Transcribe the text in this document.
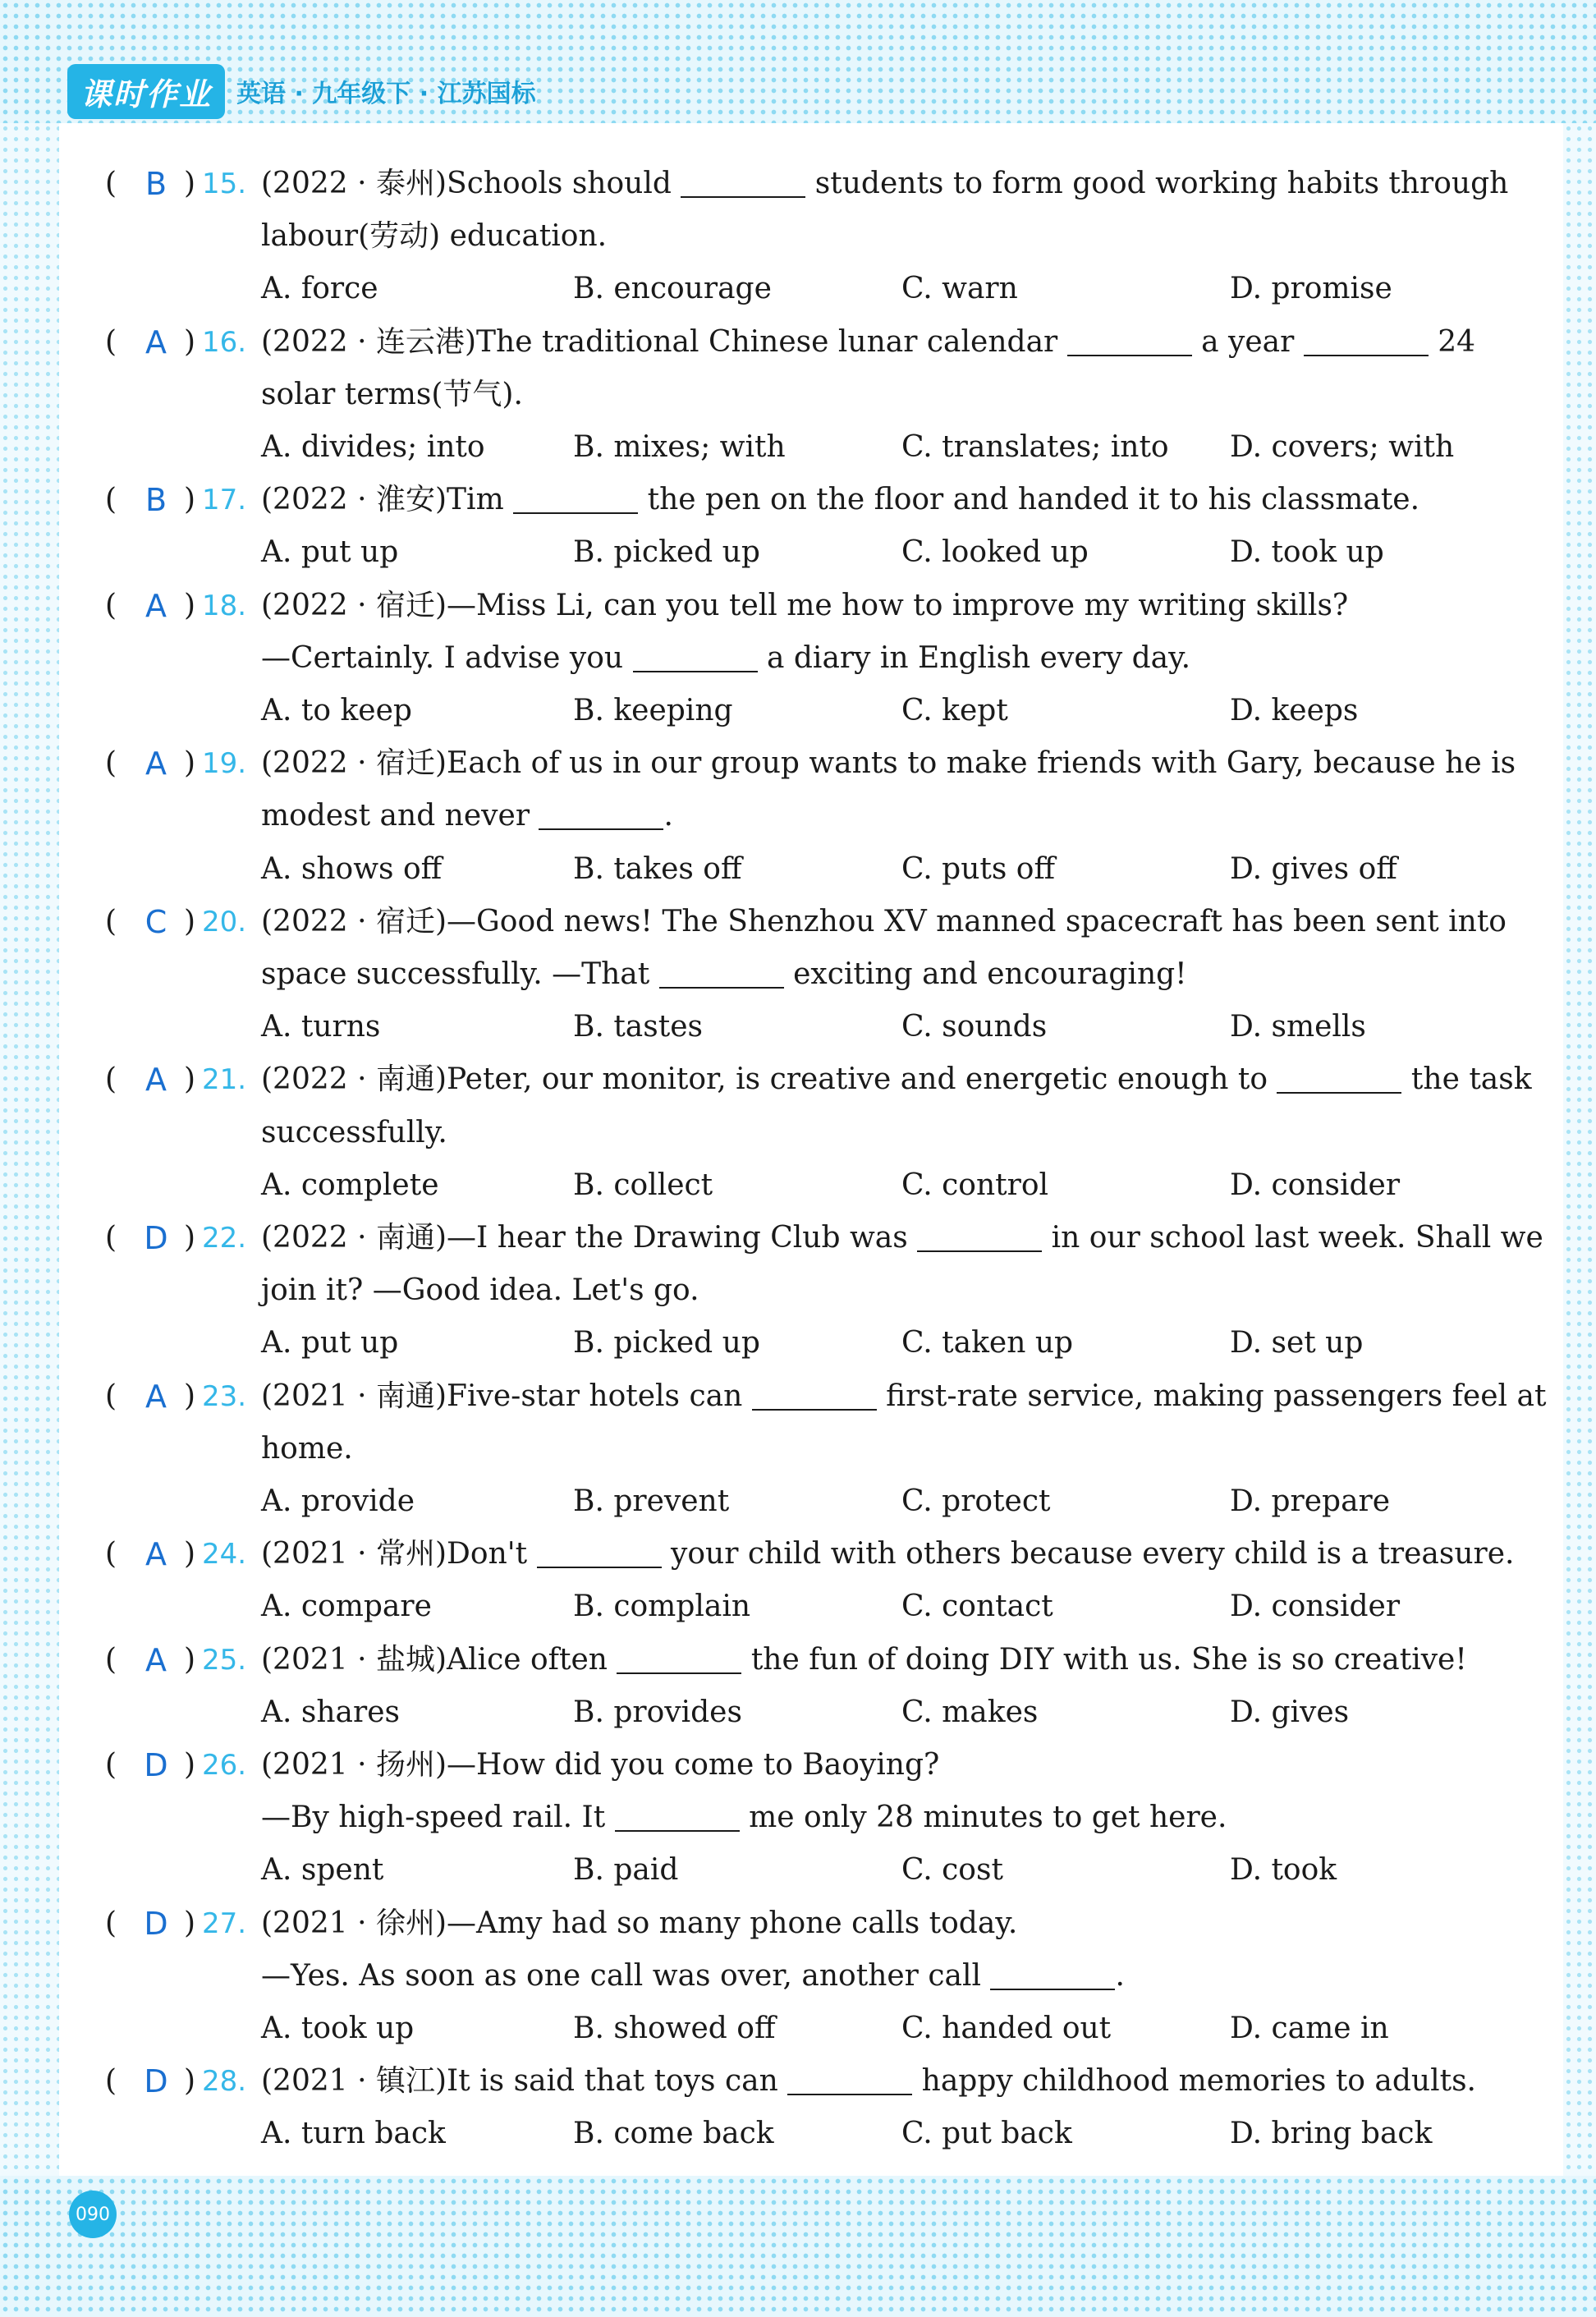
课时作业	英语 · 九年级下 · 江苏国标
( B ) 15. (2022 · 泰州)Schools should	students to form good working habits through
labour(劳动) education.
A. force	B. encourage	C. warn	D. promise
( A ) 16. (2022 · 连云港)The traditional Chinese lunar calendar	a year	24
solar terms(节气).
A. divides; into	B. mixes; with	C. translates; into D. covers; with
( B ) 17. (2022 · 淮安)Tim	the pen on the floor and handed it to his classmate.
A. put up	B. picked up	C. looked up	D. took up
( A ) 18. (2022 · 宿迁)—Miss Li, can you tell me how to improve my writing skills?
—Certainly. I advise you	a diary in English every day.
A. to keep	B. keeping	C. kept	D. keeps
( A ) 19. (2022 · 宿迁)Each of us in our group wants to make friends with Gary, because he is
modest and never	.
A. shows off	B. takes off	C. puts off	D. gives off
( C ) 20. (2022 · 宿迁)—Good news! The Shenzhou XV manned spacecraft has been sent into
space successfully. —That	exciting and encouraging!
A. turns	B. tastes	C. sounds	D. smells
( A ) 21. (2022 · 南通)Peter, our monitor, is creative and energetic enough to	the task
successfully.
A. complete	B. collect	C. control	D. consider
( D ) 22. (2022 · 南通)—I hear the Drawing Club was	in our school last week. Shall we
join it? —Good idea. Let's go.
A. put up	B. picked up	C. taken up	D. set up
( A ) 23. (2021 · 南通)Five-star hotels can	first-rate service, making passengers feel at
home.
A. provide	B. prevent	C. protect	D. prepare
( A ) 24. (2021 · 常州)Don't	your child with others because every child is a treasure.
A. compare	B. complain	C. contact	D. consider
( A ) 25. (2021 · 盐城)Alice often	the fun of doing DIY with us. She is so creative!
A. shares	B. provides	C. makes	D. gives
( D ) 26. (2021 · 扬州)—How did you come to Baoying?
—By high-speed rail. It	me only 28 minutes to get here.
A. spent	B. paid	C. cost	D. took
( D ) 27. (2021 · 徐州)—Amy had so many phone calls today.
—Yes. As soon as one call was over, another call	.
A. took up	B. showed off	C. handed out	D. came in
( D ) 28. (2021 · 镇江)It is said that toys can	happy childhood memories to adults.
A. turn back	B. come back	C. put back	D. bring back
090
